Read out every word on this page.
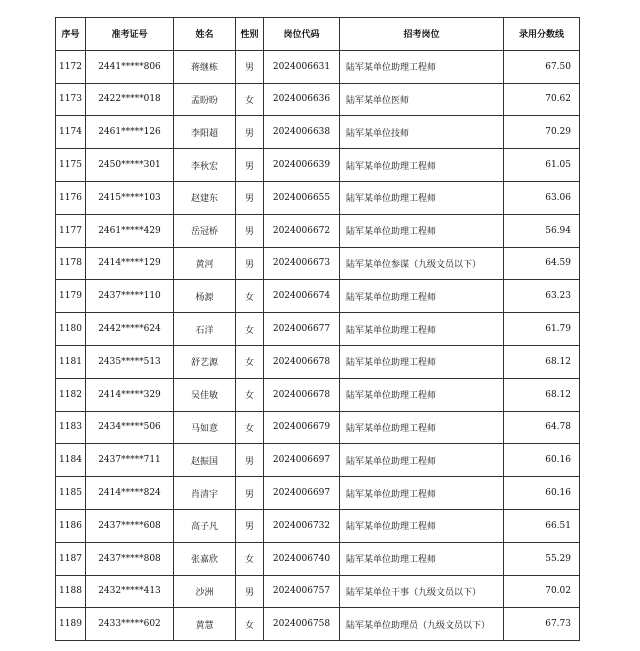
序号	准考证号	姓名	性别	岗位代码	招考岗位	录用分数线
1172	2441*****806	蒋继栋	男	2024006631	陆军某单位助理工程师	67.50
1173	2422*****018	孟盼盼	女	2024006636	陆军某单位医师	70.62
1174	2461*****126	李阳超	男	2024006638	陆军某单位技师	70.29
1175	2450*****301	李秋宏	男	2024006639	陆军某单位助理工程师	61.05
1176	2415*****103	赵建东	男	2024006655	陆军某单位助理工程师	63.06
1177	2461*****429	岳冠桥	男	2024006672	陆军某单位助理工程师	56.94
1178	2414*****129	黄河	男	2024006673	陆军某单位参谋（九级文员以下）	64.59
1179	2437*****110	杨源	女	2024006674	陆军某单位助理工程师	63.23
1180	2442*****624	石洋	女	2024006677	陆军某单位助理工程师	61.79
1181	2435*****513	舒艺源	女	2024006678	陆军某单位助理工程师	68.12
1182	2414*****329	吴佳敏	女	2024006678	陆军某单位助理工程师	68.12
1183	2434*****506	马如意	女	2024006679	陆军某单位助理工程师	64.78
1184	2437*****711	赵振国	男	2024006697	陆军某单位助理工程师	60.16
1185	2414*****824	肖清宇	男	2024006697	陆军某单位助理工程师	60.16
1186	2437*****608	高子凡	男	2024006732	陆军某单位助理工程师	66.51
1187	2437*****808	张嘉欣	女	2024006740	陆军某单位助理工程师	55.29
1188	2432*****413	沙洲	男	2024006757	陆军某单位干事（九级文员以下）	70.02
1189	2433*****602	黄慧	女	2024006758	陆军某单位助理员（九级文员以下）	67.73
